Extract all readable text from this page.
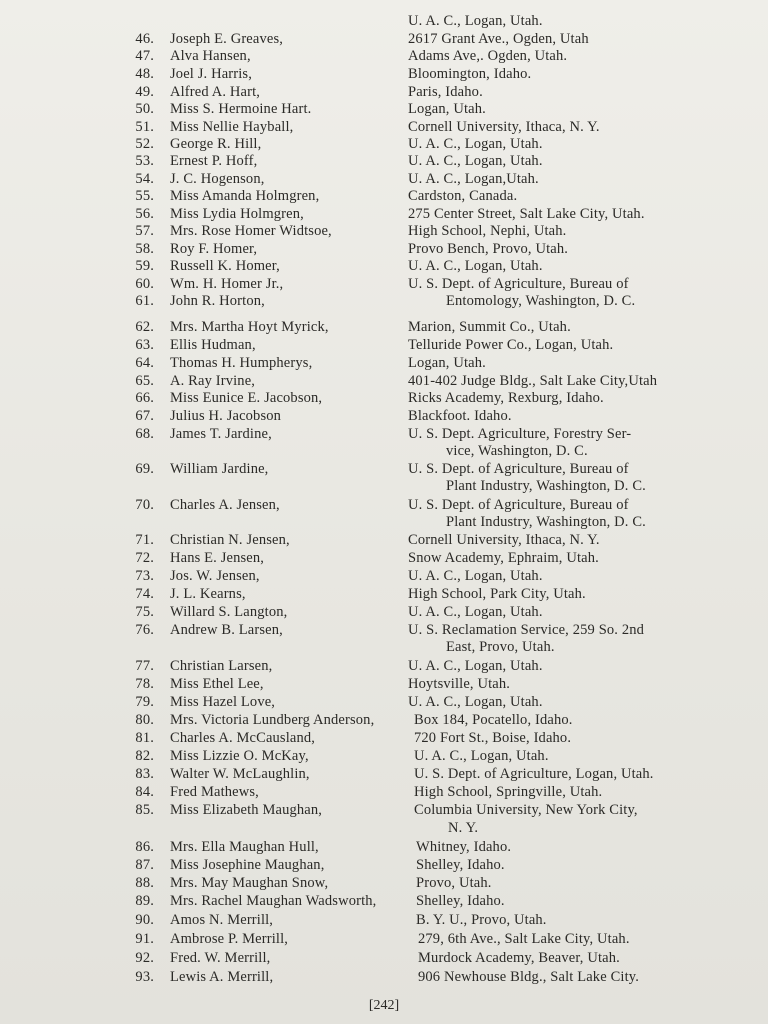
U. A. C., Logan, Utah.
46. Joseph E. Greaves,	2617 Grant Ave., Ogden, Utah
47. Alva Hansen,	Adams Ave,. Ogden, Utah.
48. Joel J. Harris,	Bloomington, Idaho.
49. Alfred A. Hart,	Paris, Idaho.
50. Miss S. Hermoine Hart.	Logan, Utah.
51. Miss Nellie Hayball,	Cornell University, Ithaca, N. Y.
52. George R. Hill,	U. A. C., Logan, Utah.
53. Ernest P. Hoff,	U. A. C., Logan, Utah.
54. J. C. Hogenson,	U. A. C., Logan,Utah.
55. Miss Amanda Holmgren,	Cardston, Canada.
56. Miss Lydia Holmgren,	275 Center Street, Salt Lake City, Utah.
57. Mrs. Rose Homer Widtsoe,	High School, Nephi, Utah.
58. Roy F. Homer,	Provo Bench, Provo, Utah.
59. Russell K. Homer,	U. A. C., Logan, Utah.
60. Wm. H. Homer Jr.,	U. S. Dept. of Agriculture, Bureau of
61. John R. Horton,	Entomology, Washington, D. C.
62. Mrs. Martha Hoyt Myrick,	Marion, Summit Co., Utah.
63. Ellis Hudman,	Telluride Power Co., Logan, Utah.
64. Thomas H. Humpherys,	Logan, Utah.
65. A. Ray Irvine,	401-402 Judge Bldg., Salt Lake City,Utah
66. Miss Eunice E. Jacobson,	Ricks Academy, Rexburg, Idaho.
67. Julius H. Jacobson	Blackfoot. Idaho.
68. James T. Jardine,	U. S. Dept. Agriculture, Forestry Ser-
vice, Washington, D. C.
69. William Jardine,	U. S. Dept. of Agriculture, Bureau of
Plant Industry, Washington, D. C.
70. Charles A. Jensen,	U. S. Dept. of Agriculture, Bureau of
Plant Industry, Washington, D. C.
71. Christian N. Jensen,	Cornell University, Ithaca, N. Y.
72. Hans E. Jensen,	Snow Academy, Ephraim, Utah.
73. Jos. W. Jensen,	U. A. C., Logan, Utah.
74. J. L. Kearns,	High School, Park City, Utah.
75. Willard S. Langton,	U. A. C., Logan, Utah.
76. Andrew B. Larsen,	U. S. Reclamation Service, 259 So. 2nd
East, Provo, Utah.
77. Christian Larsen,	U. A. C., Logan, Utah.
78. Miss Ethel Lee,	Hoytsville, Utah.
79. Miss Hazel Love,	U. A. C., Logan, Utah.
80. Mrs. Victoria Lundberg Anderson,	Box 184, Pocatello, Idaho.
81. Charles A. McCausland,	720 Fort St., Boise, Idaho.
82. Miss Lizzie O. McKay,	U. A. C., Logan, Utah.
83. Walter W. McLaughlin,	U. S. Dept. of Agriculture, Logan, Utah.
84. Fred Mathews,	High School, Springville, Utah.
85. Miss Elizabeth Maughan,	Columbia University, New York City,
N. Y.
86. Mrs. Ella Maughan Hull,	Whitney, Idaho.
87. Miss Josephine Maughan,	Shelley, Idaho.
88. Mrs. May Maughan Snow,	Provo, Utah.
89. Mrs. Rachel Maughan Wadsworth,	Shelley, Idaho.
90. Amos N. Merrill,	B. Y. U., Provo, Utah.
91. Ambrose P. Merrill,	279, 6th Ave., Salt Lake City, Utah.
92. Fred. W. Merrill,	Murdock Academy, Beaver, Utah.
93. Lewis A. Merrill,	906 Newhouse Bldg., Salt Lake City.
[242]
